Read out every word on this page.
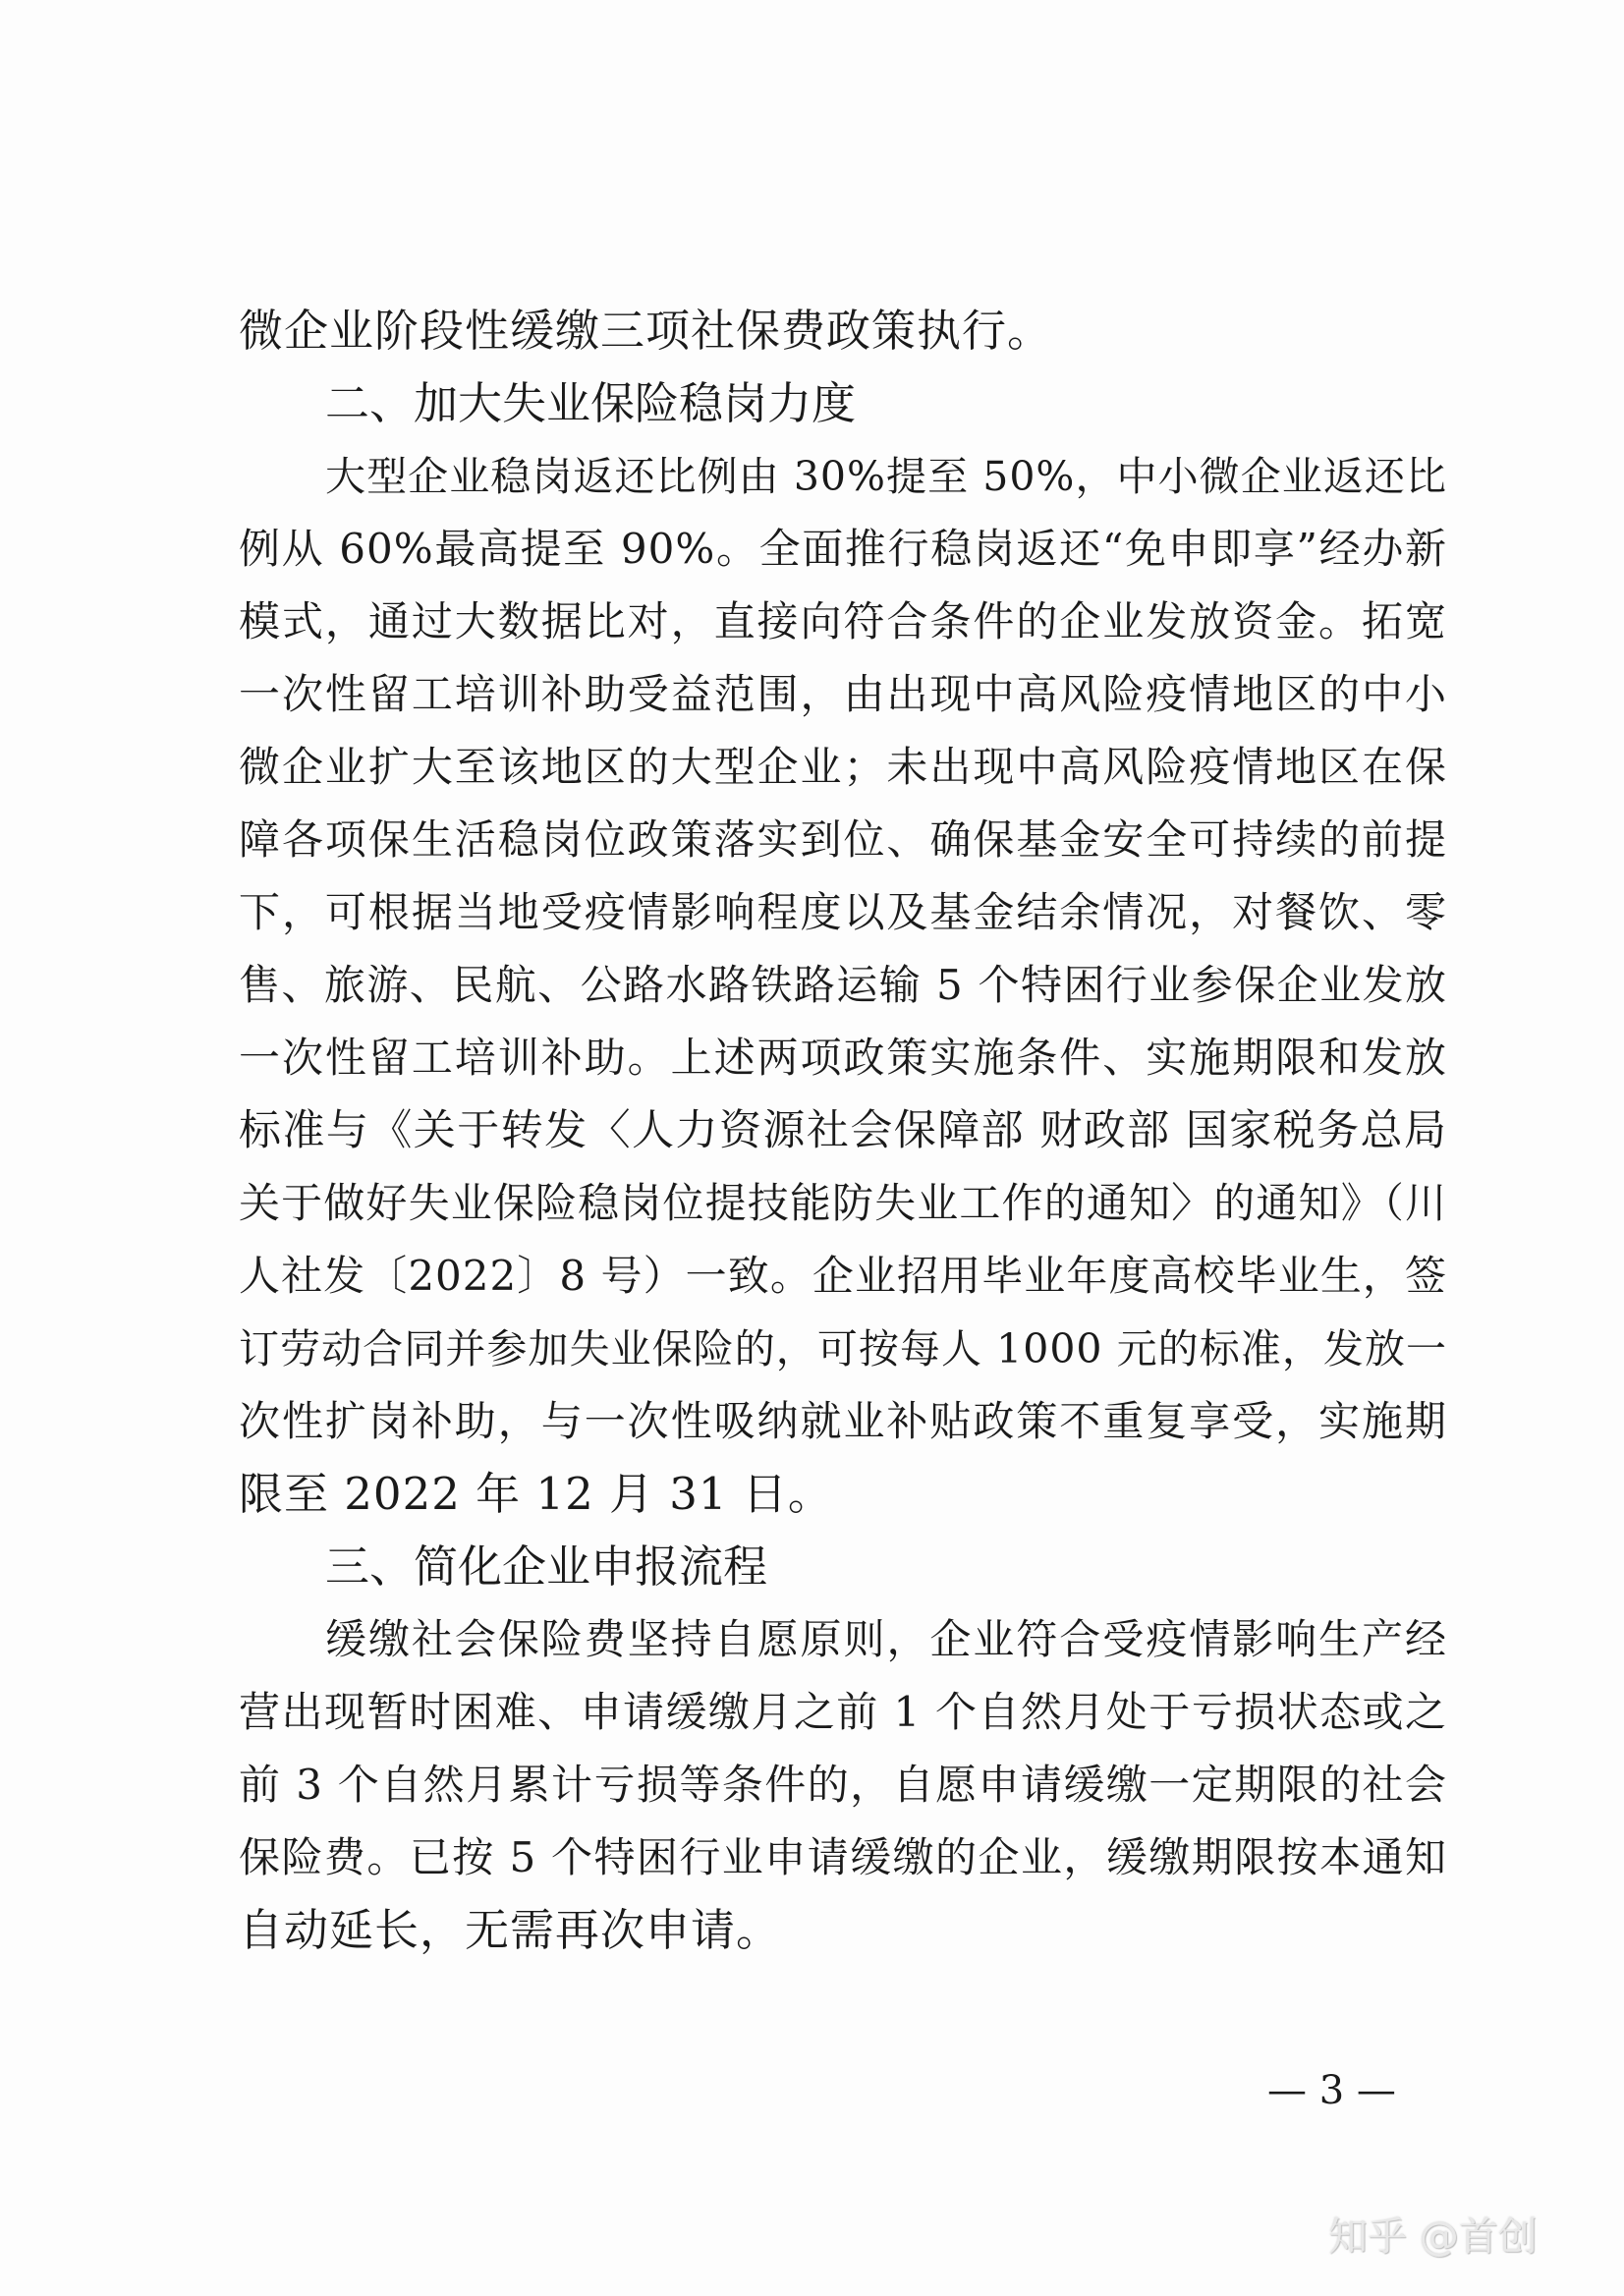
微企业阶段性缓缴三项社保费政策执行。
二、加大失业保险稳岗力度
大型企业稳岗返还比例由 30%提至 50%，中小微企业返还比
例从 60%最高提至 90%。全面推行稳岗返还“免申即享”经办新
模式，通过大数据比对，直接向符合条件的企业发放资金。拓宽
一次性留工培训补助受益范围，由出现中高风险疫情地区的中小
微企业扩大至该地区的大型企业；未出现中高风险疫情地区在保
障各项保生活稳岗位政策落实到位、确保基金安全可持续的前提
下，可根据当地受疫情影响程度以及基金结余情况，对餐饮、零
售、旅游、民航、公路水路铁路运输 5 个特困行业参保企业发放
一次性留工培训补助。上述两项政策实施条件、实施期限和发放
标准与《关于转发〈人力资源社会保障部 财政部 国家税务总局
关于做好失业保险稳岗位提技能防失业工作的通知〉的通知》（川
人社发〔2022〕8 号）一致。企业招用毕业年度高校毕业生，签
订劳动合同并参加失业保险的，可按每人 1000 元的标准，发放一
次性扩岗补助，与一次性吸纳就业补贴政策不重复享受，实施期
限至 2022 年 12 月 31 日。
三、简化企业申报流程
缓缴社会保险费坚持自愿原则，企业符合受疫情影响生产经
营出现暂时困难、申请缓缴月之前 1 个自然月处于亏损状态或之
前 3 个自然月累计亏损等条件的，自愿申请缓缴一定期限的社会
保险费。已按 5 个特困行业申请缓缴的企业，缓缴期限按本通知
自动延长，无需再次申请。
— 3 —
知乎 @首创
